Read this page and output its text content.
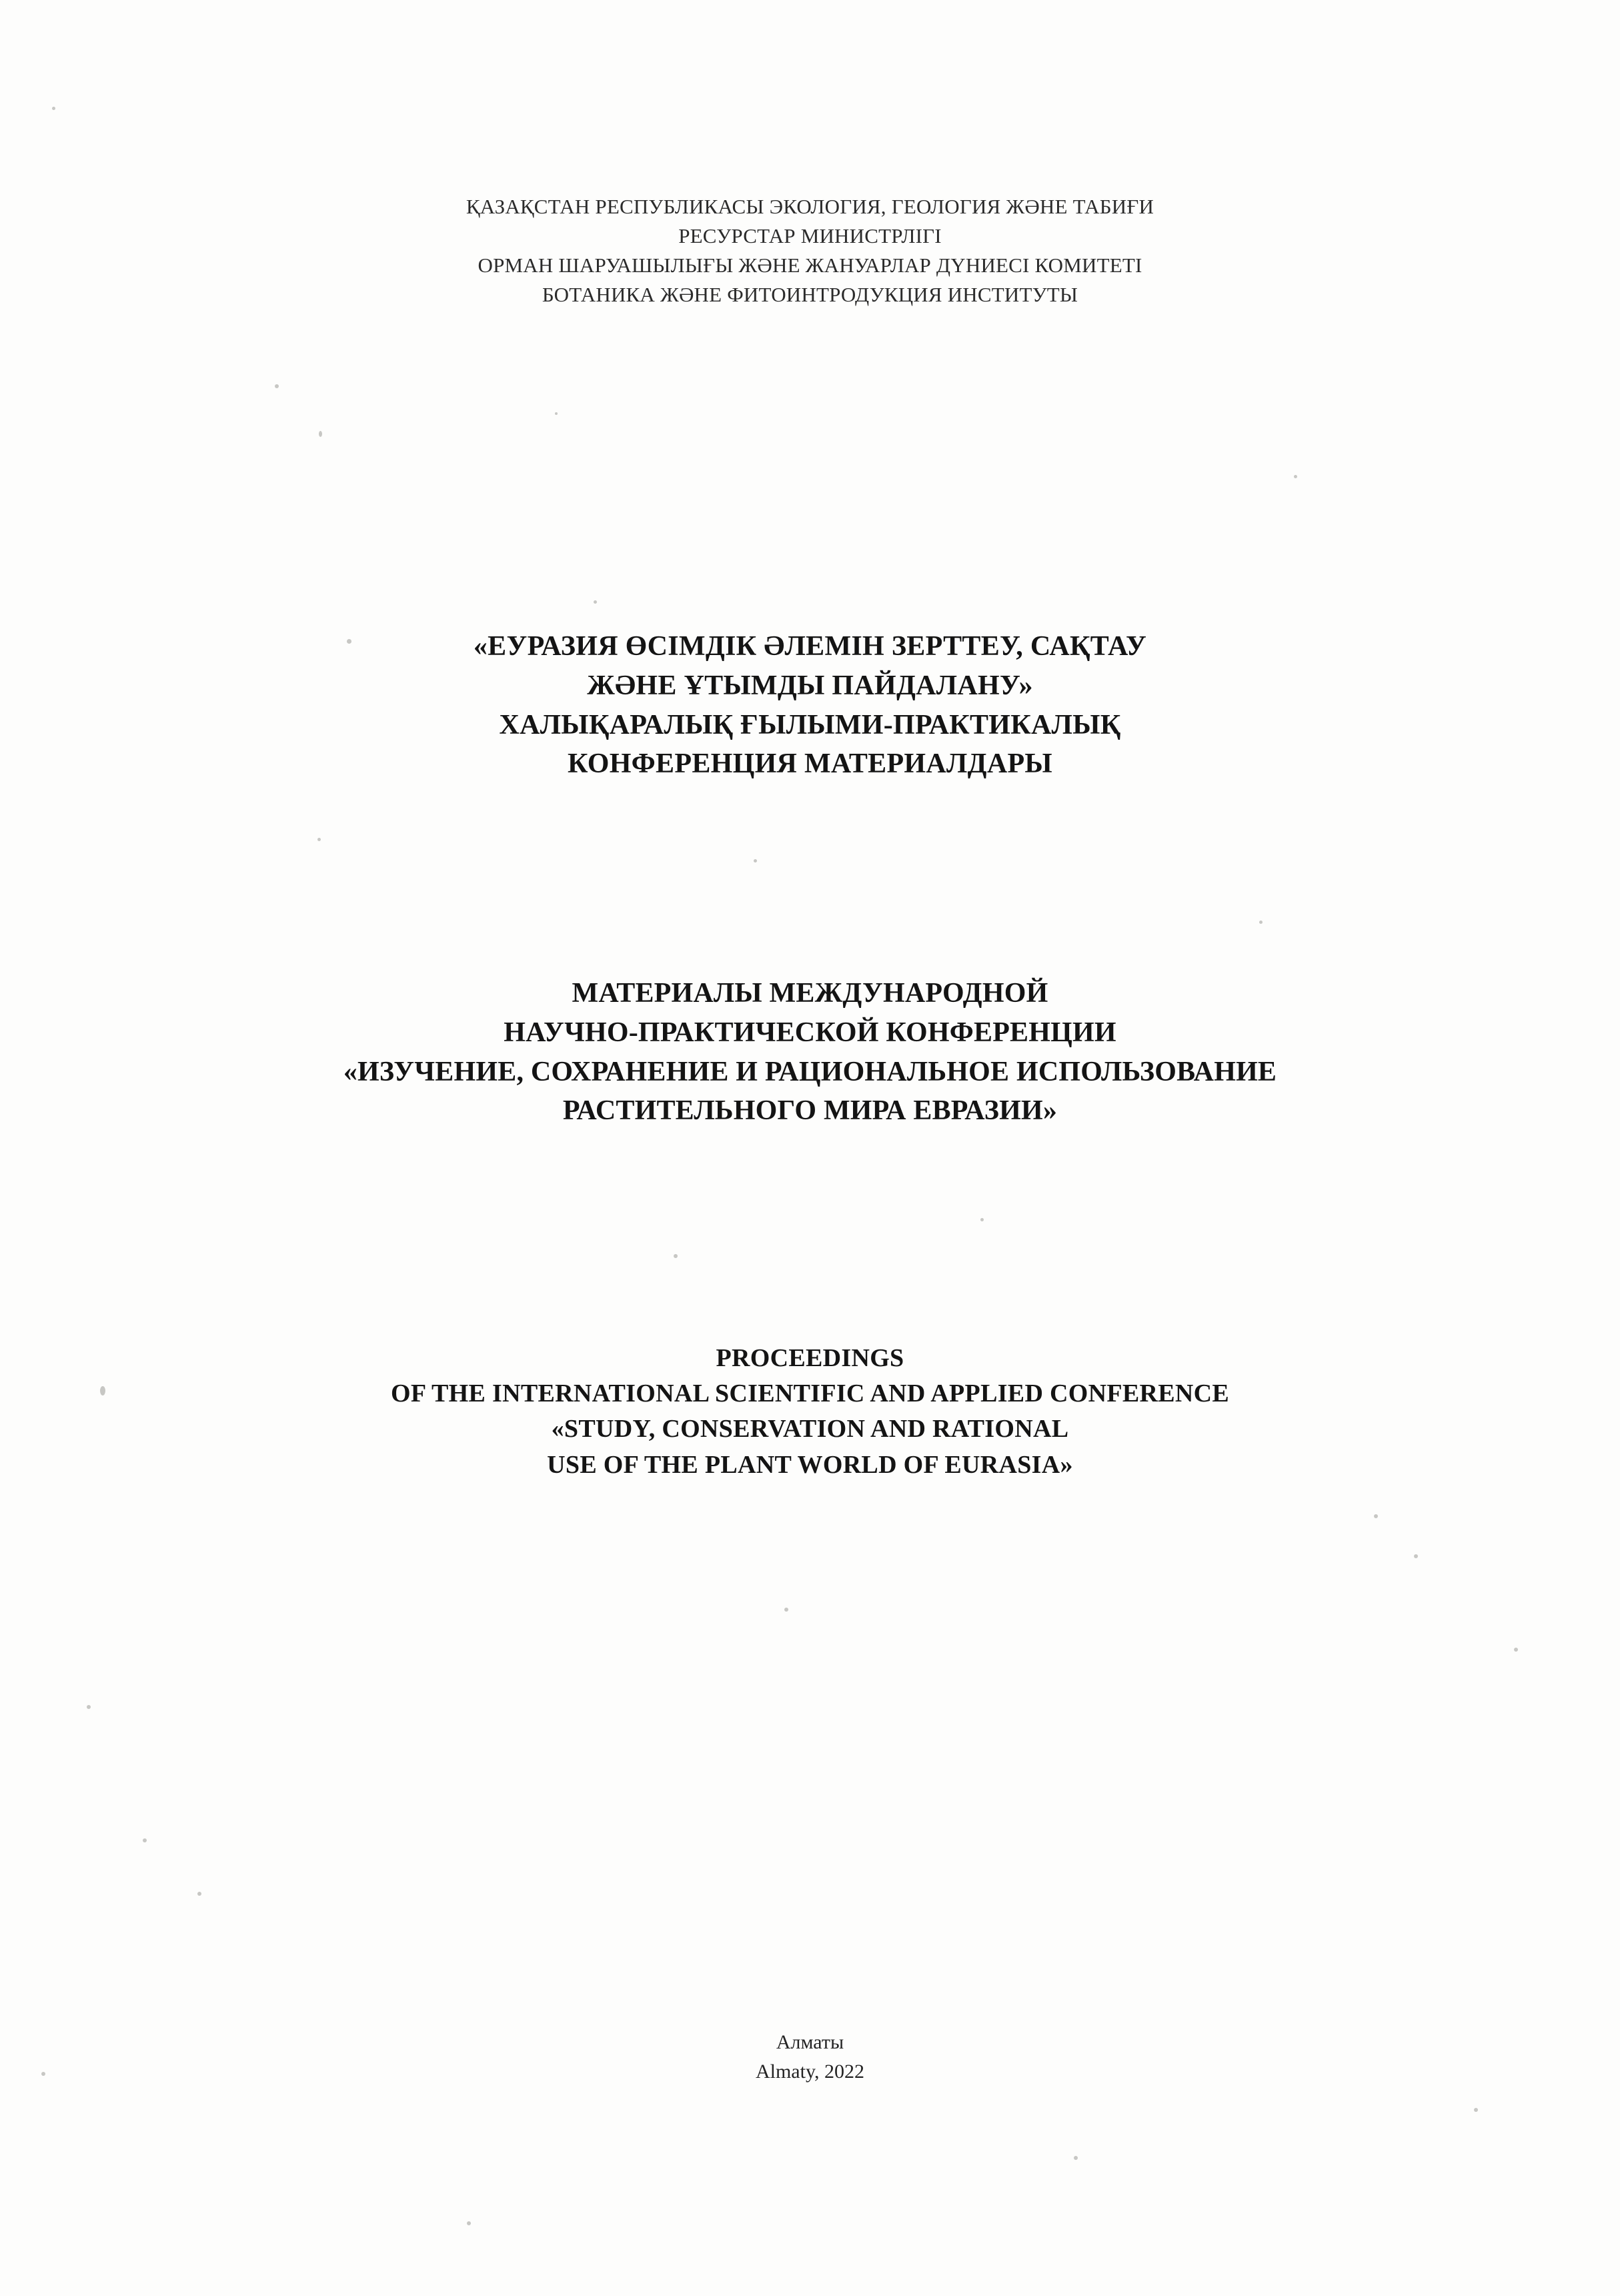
ҚАЗАҚСТАН РЕСПУБЛИКАСЫ ЭКОЛОГИЯ, ГЕОЛОГИЯ ЖӘНЕ ТАБИҒИ
РЕСУРСТАР МИНИСТРЛІГІ
ОРМАН ШАРУАШЫЛЫҒЫ ЖӘНЕ ЖАНУАРЛАР ДҮНИЕСІ КОМИТЕТІ
БОТАНИКА ЖӘНЕ ФИТОИНТРОДУКЦИЯ ИНСТИТУТЫ
«ЕУРАЗИЯ ӨСІМДІК ӘЛЕМІН ЗЕРТТЕУ, САҚТАУ
ЖӘНЕ ҰТЫМДЫ ПАЙДАЛАНУ»
ХАЛЫҚАРАЛЫҚ ҒЫЛЫМИ-ПРАКТИКАЛЫҚ
КОНФЕРЕНЦИЯ МАТЕРИАЛДАРЫ
МАТЕРИАЛЫ МЕЖДУНАРОДНОЙ
НАУЧНО-ПРАКТИЧЕСКОЙ КОНФЕРЕНЦИИ
«ИЗУЧЕНИЕ, СОХРАНЕНИЕ И РАЦИОНАЛЬНОЕ ИСПОЛЬЗОВАНИЕ
РАСТИТЕЛЬНОГО МИРА ЕВРАЗИИ»
PROCEEDINGS
OF THE INTERNATIONAL SCIENTIFIC AND APPLIED CONFERENCE
«STUDY, CONSERVATION AND RATIONAL
USE OF THE PLANT WORLD OF EURASIA»
Алматы
Almaty, 2022
